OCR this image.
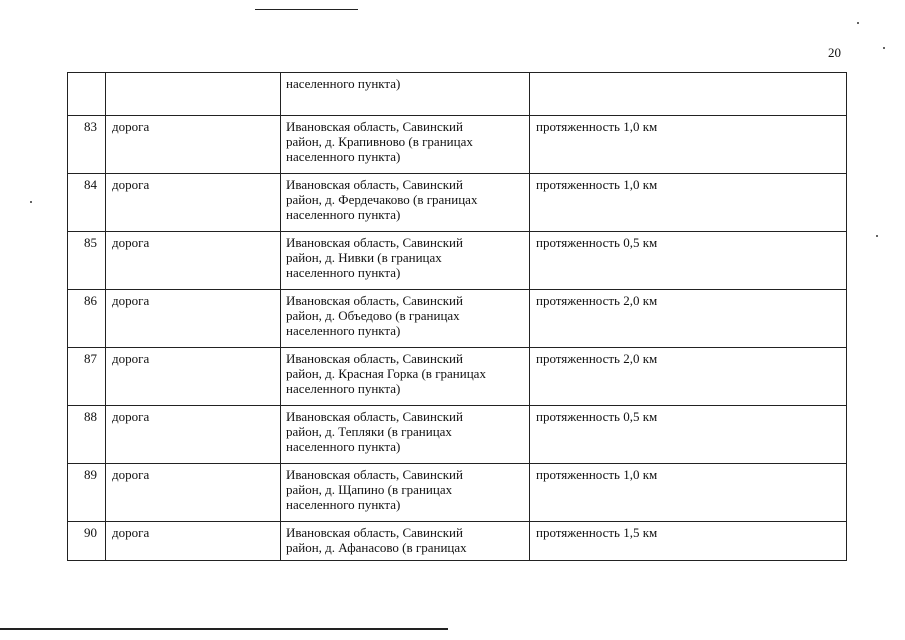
20
		населенного пункта)	
83	дорога	Ивановская область, Савинский
район, д. Крапивново (в границах
населенного пункта)	протяженность 1,0 км
84	дорога	Ивановская область, Савинский
район, д. Фердечаково (в границах
населенного пункта)	протяженность 1,0 км
85	дорога	Ивановская область, Савинский
район, д. Нивки (в границах
населенного пункта)	протяженность 0,5 км
86	дорога	Ивановская область, Савинский
район, д. Объедово (в границах
населенного пункта)	протяженность 2,0 км
87	дорога	Ивановская область, Савинский
район, д. Красная Горка (в границах
населенного пункта)	протяженность 2,0 км
88	дорога	Ивановская область, Савинский
район, д. Тепляки (в границах
населенного пункта)	протяженность 0,5 км
89	дорога	Ивановская область, Савинский
район, д. Щапино (в границах
населенного пункта)	протяженность 1,0 км
90	дорога	Ивановская область, Савинский
район, д. Афанасово (в границах	протяженность 1,5 км
